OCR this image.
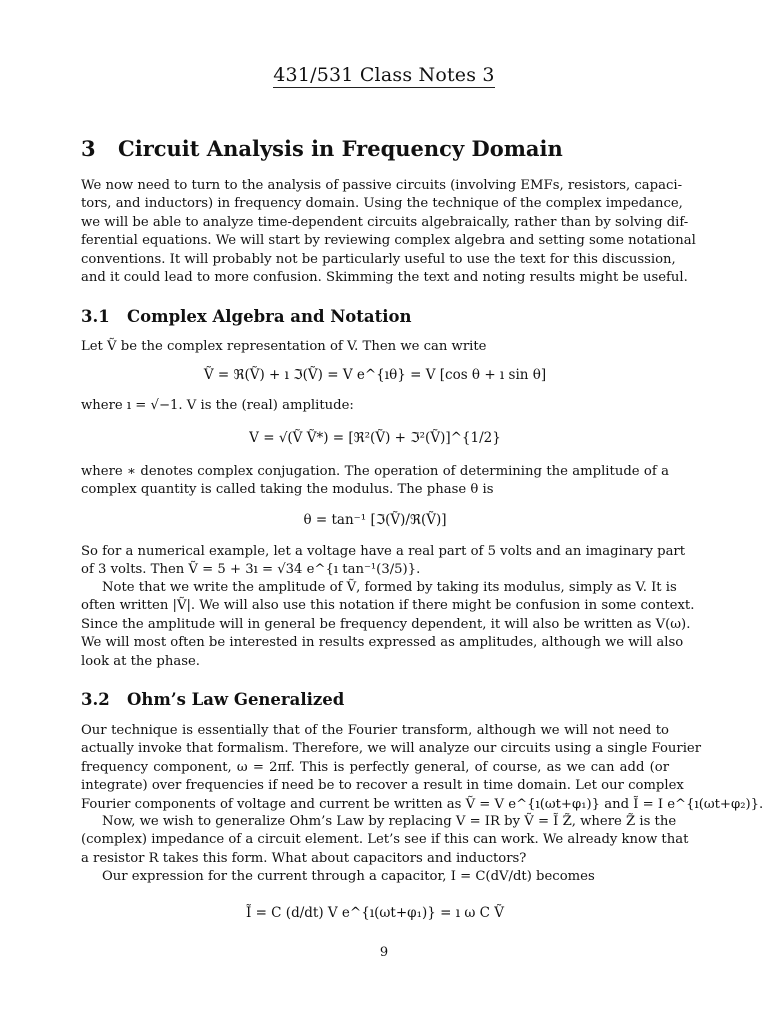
431/531 Class Notes 3
3 Circuit Analysis in Frequency Domain
We now need to turn to the analysis of passive circuits (involving EMFs, resistors, capaci-
tors, and inductors) in frequency domain. Using the technique of the complex impedance,
we will be able to analyze time-dependent circuits algebraically, rather than by solving dif-
ferential equations. We will start by reviewing complex algebra and setting some notational
conventions. It will probably not be particularly useful to use the text for this discussion,
and it could lead to more confusion. Skimming the text and noting results might be useful.
3.1 Complex Algebra and Notation
Let Ṽ be the complex representation of V. Then we can write
Ṽ = ℜ(Ṽ) + ı ℑ(Ṽ) = V e^{ıθ} = V [cos θ + ı sin θ]
where ı = √−1. V is the (real) amplitude:
V = √(Ṽ Ṽ*) = [ℜ²(Ṽ) + ℑ²(Ṽ)]^{1/2}
where ∗ denotes complex conjugation. The operation of determining the amplitude of a
complex quantity is called taking the modulus. The phase θ is
θ = tan⁻¹ [ℑ(Ṽ)/ℜ(Ṽ)]
So for a numerical example, let a voltage have a real part of 5 volts and an imaginary part
of 3 volts. Then Ṽ = 5 + 3ı = √34 e^{ı tan⁻¹(3/5)}.
Note that we write the amplitude of Ṽ, formed by taking its modulus, simply as V. It is
often written |Ṽ|. We will also use this notation if there might be confusion in some context.
Since the amplitude will in general be frequency dependent, it will also be written as V(ω).
We will most often be interested in results expressed as amplitudes, although we will also
look at the phase.
3.2 Ohm’s Law Generalized
Our technique is essentially that of the Fourier transform, although we will not need to
actually invoke that formalism. Therefore, we will analyze our circuits using a single Fourier
frequency component, ω = 2πf. This is perfectly general, of course, as we can add (or
integrate) over frequencies if need be to recover a result in time domain. Let our complex
Fourier components of voltage and current be written as Ṽ = V e^{ı(ωt+φ₁)} and Ĩ = I e^{ı(ωt+φ₂)}.
Now, we wish to generalize Ohm’s Law by replacing V = IR by Ṽ = Ĩ Z̃, where Z̃ is the
(complex) impedance of a circuit element. Let’s see if this can work. We already know that
a resistor R takes this form. What about capacitors and inductors?
Our expression for the current through a capacitor, I = C(dV/dt) becomes
Ĩ = C (d/dt) V e^{ı(ωt+φ₁)} = ı ω C Ṽ
9
